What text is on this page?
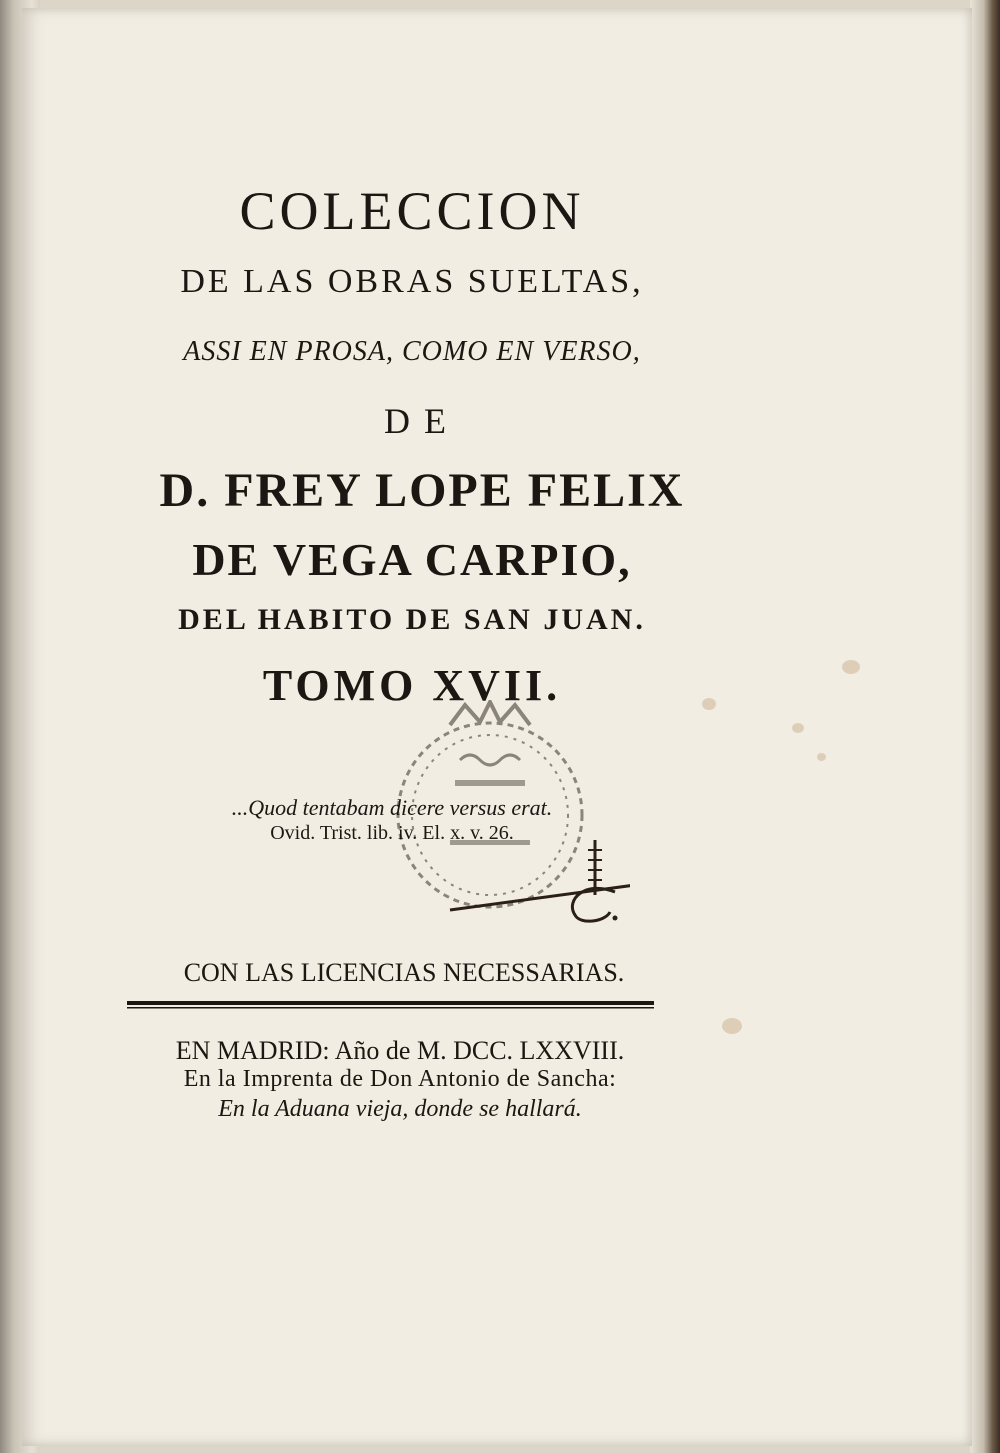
COLECCION
DE LAS OBRAS SUELTAS,
ASSI EN PROSA, COMO EN VERSO,
DE
D. FREY LOPE FELIX
DE VEGA CARPIO,
DEL HABITO DE SAN JUAN.
TOMO XVII.
...Quod tentabam dicere versus erat.
Ovid. Trist. lib. iv. El. x. v. 26.
CON LAS LICENCIAS NECESSARIAS.
EN MADRID: Año de M. DCC. LXXVIII.
En la Imprenta de Don Antonio de Sancha:
En la Aduana vieja, donde se hallará.
